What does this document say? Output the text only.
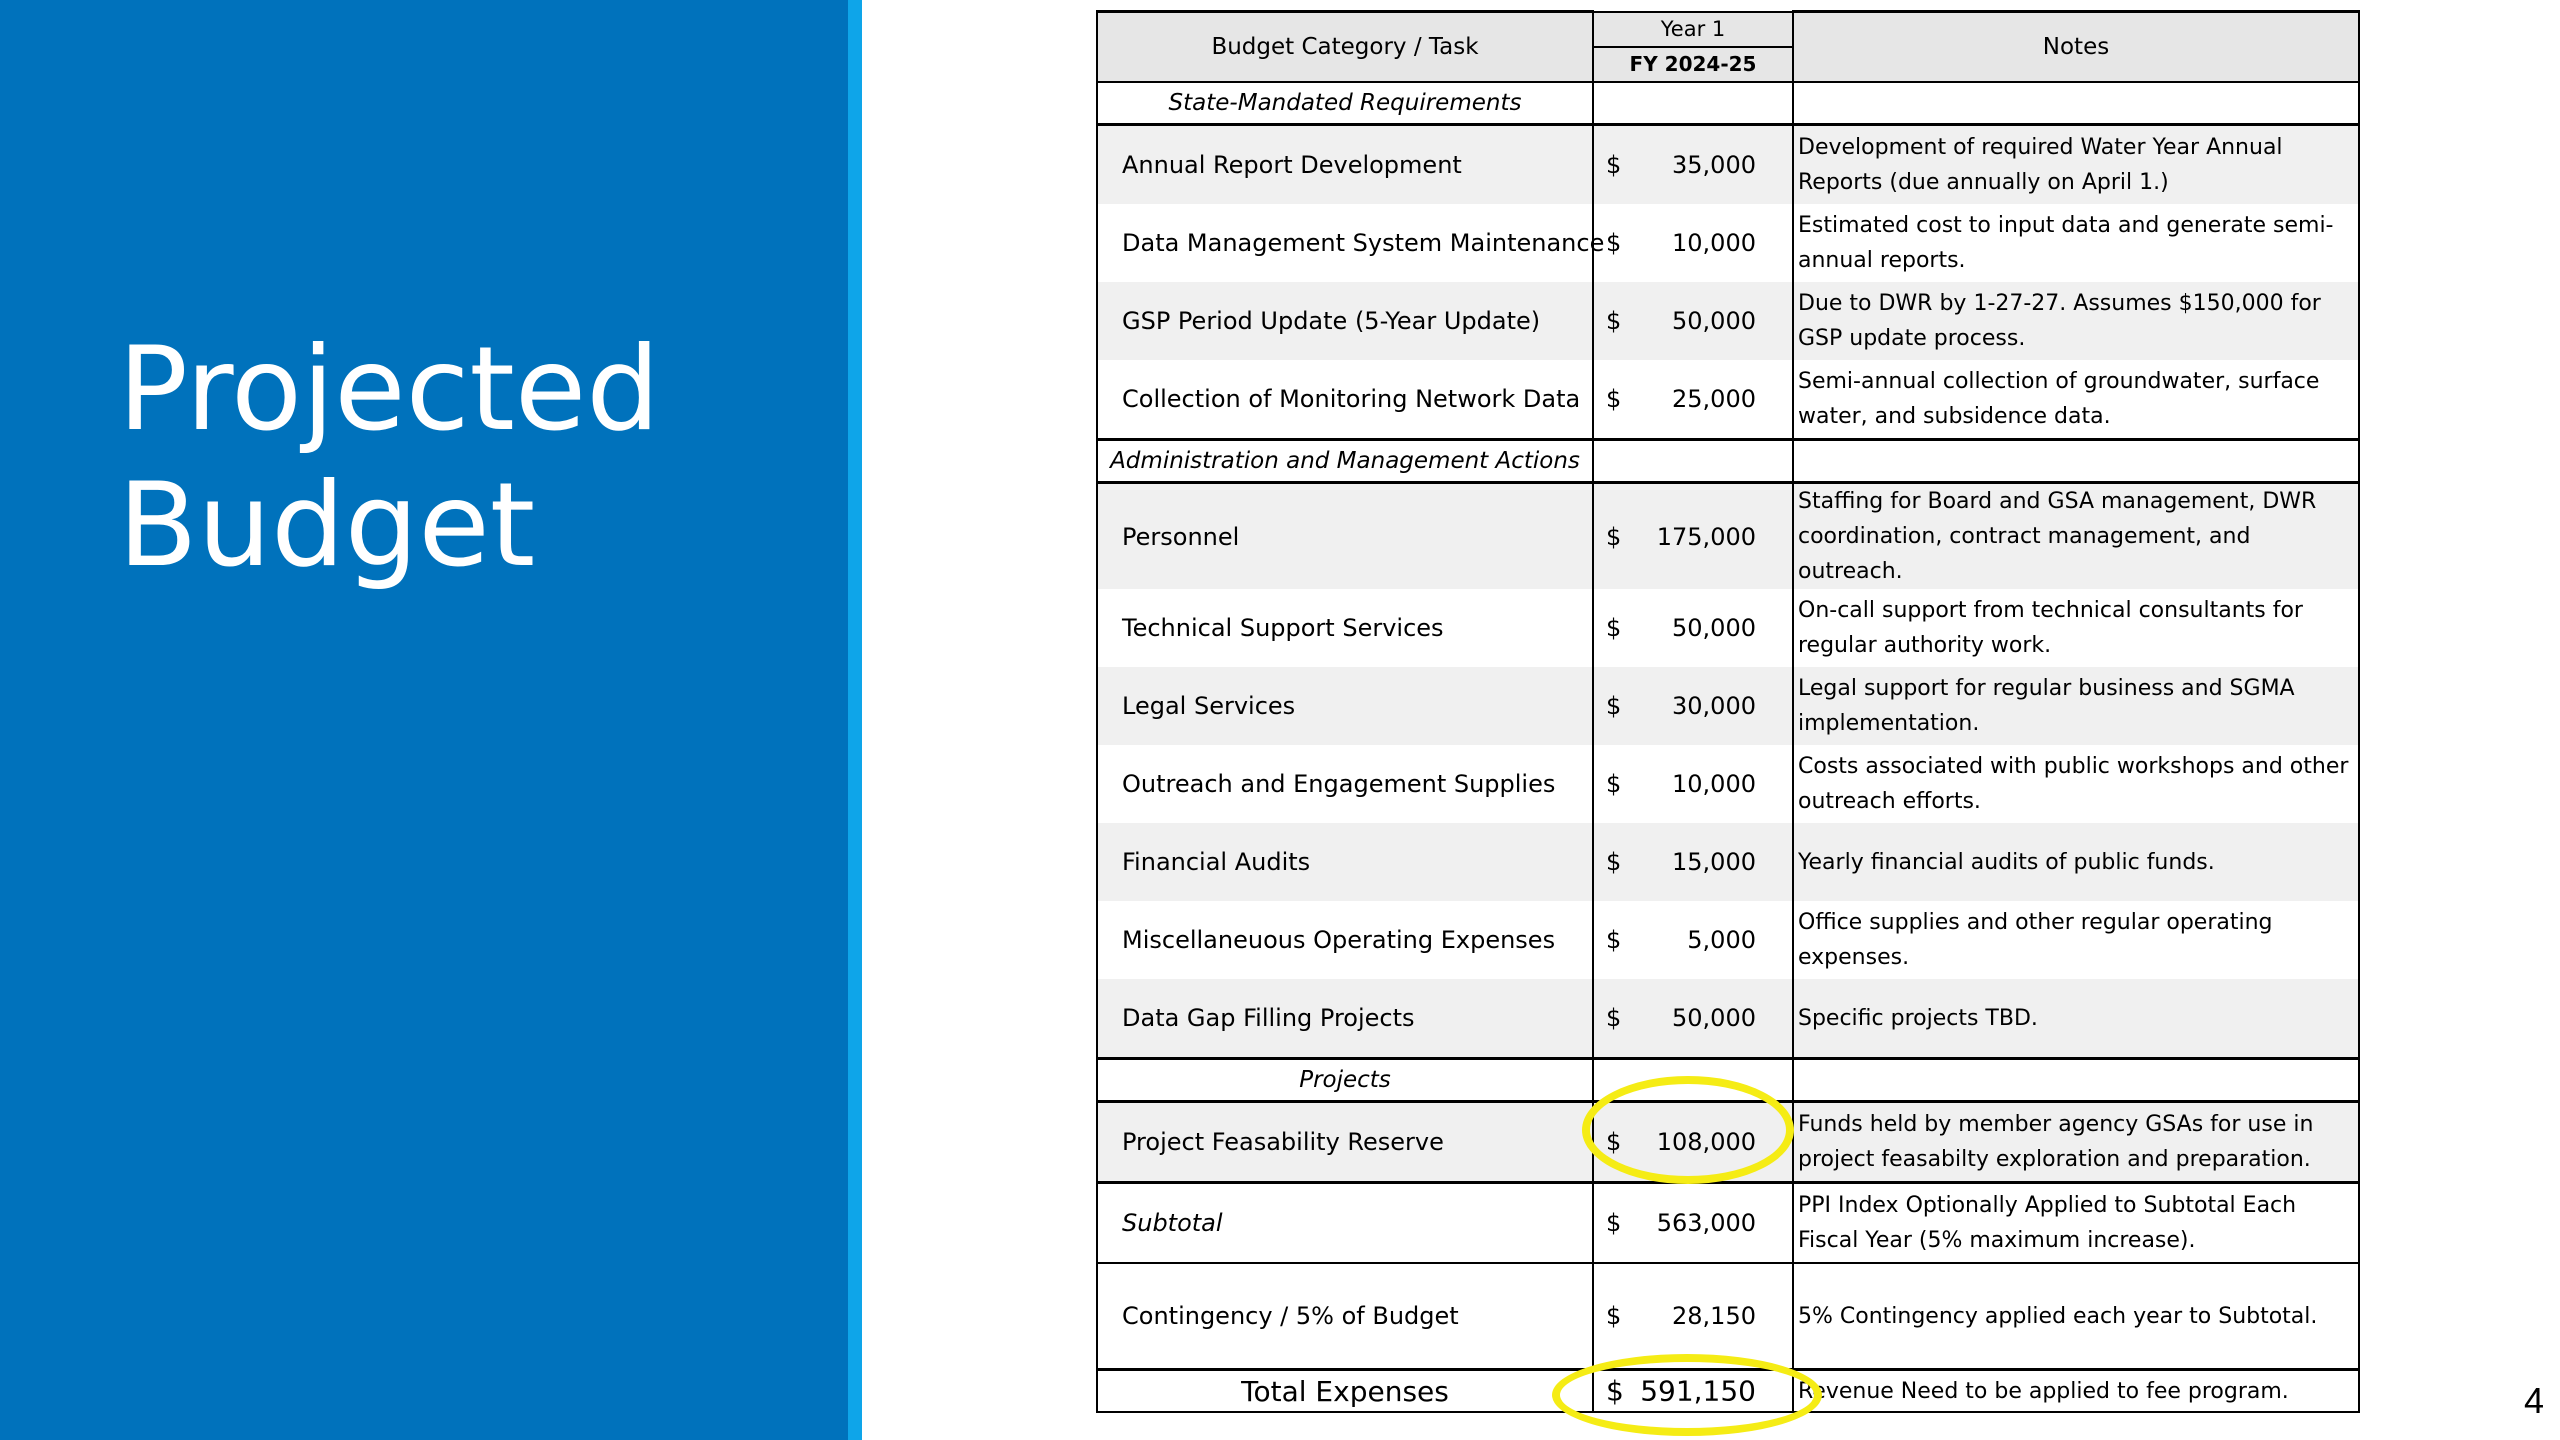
Projected
Budget
Budget Category / Task	Year 1	Notes
	FY 2024-25	
State-Mandated Requirements		
Annual Report Development	$ 35,000	Development of required Water Year Annual Reports (due annually on April 1.)
Data Management System Maintenance	$ 10,000	Estimated cost to input data and generate semi-annual reports.
GSP Period Update (5-Year Update)	$ 50,000	Due to DWR by 1-27-27. Assumes $150,000 for GSP update process.
Collection of Monitoring Network Data	$ 25,000	Semi-annual collection of groundwater, surface water, and subsidence data.
Administration and Management Actions		
Personnel	$ 175,000	Staffing for Board and GSA management, DWR coordination, contract management, and outreach.
Technical Support Services	$ 50,000	On-call support from technical consultants for regular authority work.
Legal Services	$ 30,000	Legal support for regular business and SGMA implementation.
Outreach and Engagement Supplies	$ 10,000	Costs associated with public workshops and other outreach efforts.
Financial Audits	$ 15,000	Yearly financial audits of public funds.
Miscellaneuous Operating Expenses	$ 5,000	Office supplies and other regular operating expenses.
Data Gap Filling Projects	$ 50,000	Specific projects TBD.
Projects		
Project Feasability Reserve	$ 108,000	Funds held by member agency GSAs for use in project feasabilty exploration and preparation.
Subtotal	$ 563,000	PPI Index Optionally Applied to Subtotal Each Fiscal Year (5% maximum increase).
Contingency / 5% of Budget	$ 28,150	5% Contingency applied each year to Subtotal.
Total Expenses	$ 591,150	Revenue Need to be applied to fee program.	4
